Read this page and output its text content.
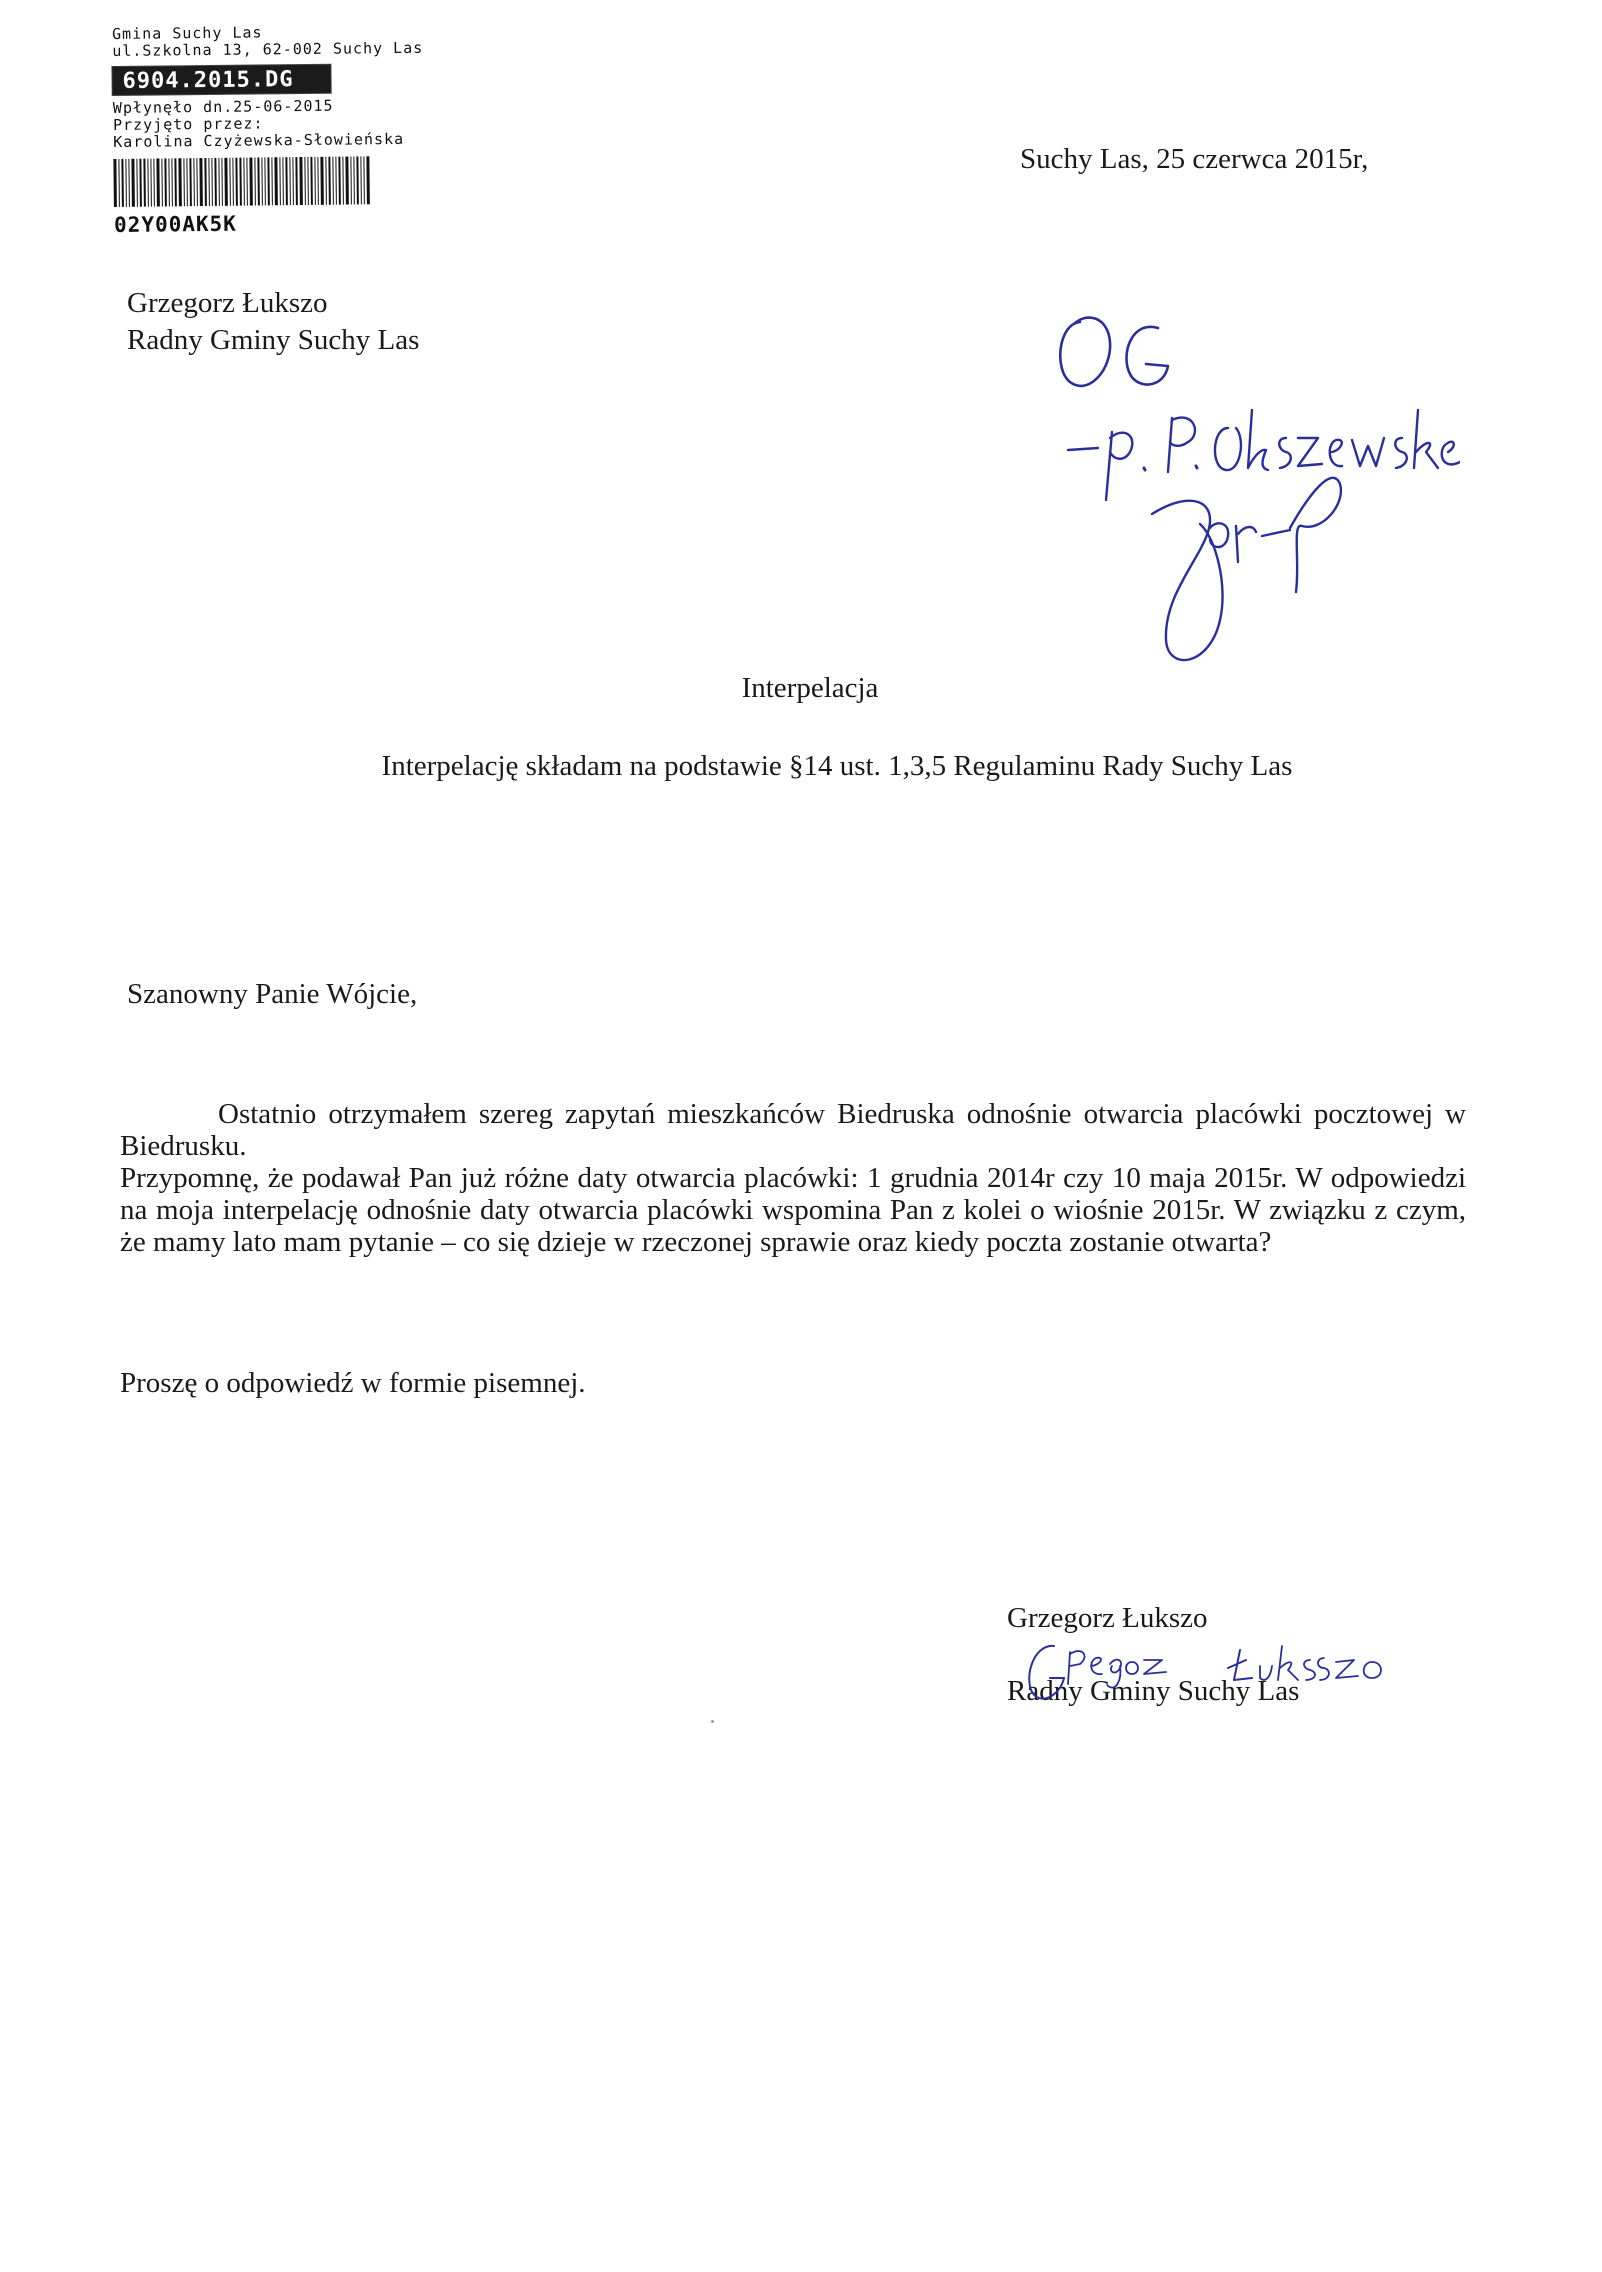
Gmina Suchy Las
ul.Szkolna 13, 62-002 Suchy Las
6904.2015.DG
Wpłynęło dn.25-06-2015
Przyjęto przez:
Karolina Czyżewska-Słowieńska
02Y00AK5K
Suchy Las, 25 czerwca 2015r,
Grzegorz Łukszo
Radny Gminy Suchy Las
Interpelacja
Interpelację składam na podstawie §14 ust. 1,3,5 Regulaminu Rady Suchy Las
Szanowny Panie Wójcie,

Ostatnio otrzymałem szereg zapytań mieszkańców Biedruska odnośnie otwarcia placówki pocztowej w Biedrusku.

Przypomnę, że podawał Pan już różne daty otwarcia placówki: 1 grudnia 2014r czy 10 maja 2015r. W odpowiedzi na moja interpelację odnośnie daty otwarcia placówki wspomina Pan z kolei o wiośnie 2015r. W związku z czym, że mamy lato mam pytanie – co się dzieje w rzeczonej sprawie oraz kiedy poczta zostanie otwarta?

Proszę o odpowiedź w formie pisemnej.
Grzegorz Łukszo
Radny Gminy Suchy Las
